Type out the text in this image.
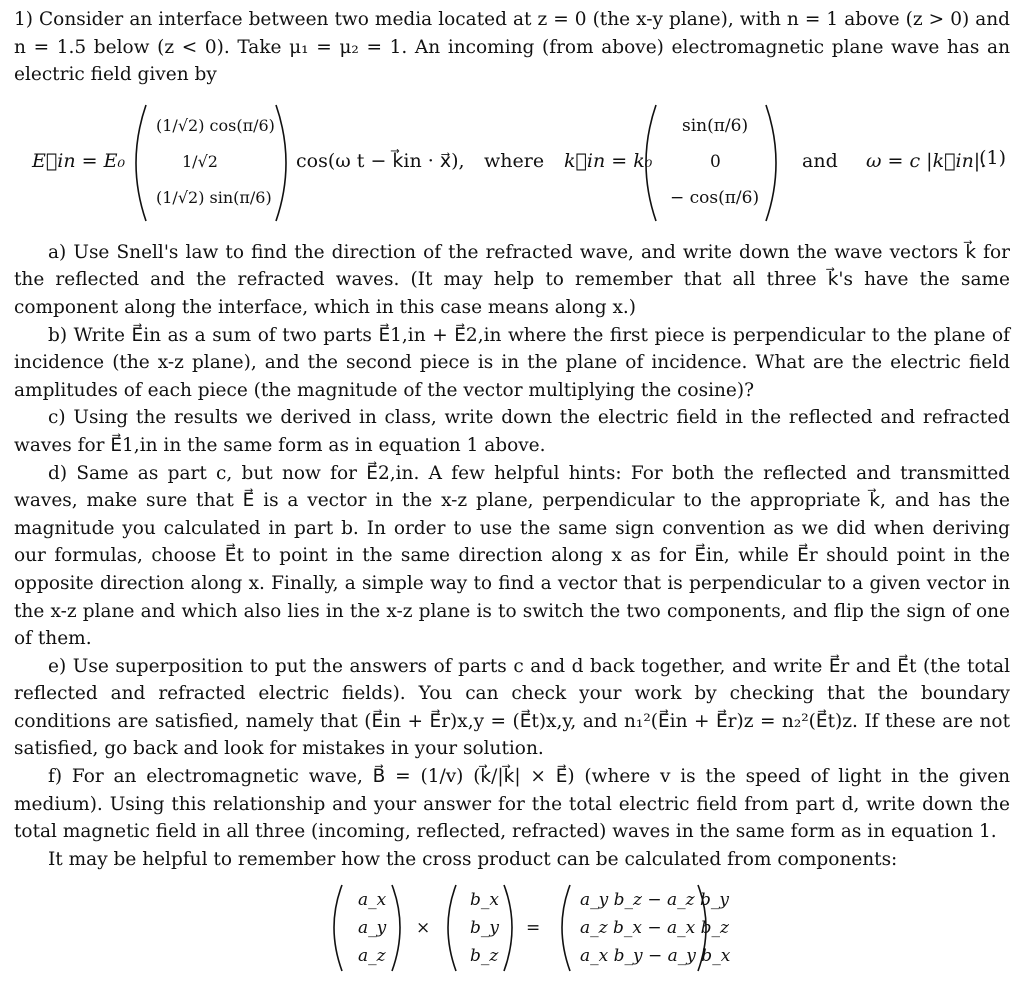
1) Consider an interface between two media located at z = 0 (the x-y plane), with n = 1 above (z > 0) and n = 1.5 below (z < 0). Take μ₁ = μ₂ = 1. An incoming (from above) electromagnetic plane wave has an electric field given by

E⃗in = E₀
(1/√2) cos(π/6)
1/√2
(1/√2) sin(π/6)
cos(ω t − k⃗in · x⃗), where k⃗in = k₀
sin(π/6)
0
− cos(π/6)
and ω = c |k⃗in|.
(1)

a) Use Snell's law to find the direction of the refracted wave, and write down the wave vectors k⃗ for the reflected and the refracted waves. (It may help to remember that all three k⃗'s have the same component along the interface, which in this case means along x.)

b) Write E⃗in as a sum of two parts E⃗1,in + E⃗2,in where the first piece is perpendicular to the plane of incidence (the x-z plane), and the second piece is in the plane of incidence. What are the electric field amplitudes of each piece (the magnitude of the vector multiplying the cosine)?

c) Using the results we derived in class, write down the electric field in the reflected and refracted waves for E⃗1,in in the same form as in equation 1 above.

d) Same as part c, but now for E⃗2,in. A few helpful hints: For both the reflected and transmitted waves, make sure that E⃗ is a vector in the x-z plane, perpendicular to the appropriate k⃗, and has the magnitude you calculated in part b. In order to use the same sign convention as we did when deriving our formulas, choose E⃗t to point in the same direction along x as for E⃗in, while E⃗r should point in the opposite direction along x. Finally, a simple way to find a vector that is perpendicular to a given vector in the x-z plane and which also lies in the x-z plane is to switch the two components, and flip the sign of one of them.

e) Use superposition to put the answers of parts c and d back together, and write E⃗r and E⃗t (the total reflected and refracted electric fields). You can check your work by checking that the boundary conditions are satisfied, namely that (E⃗in + E⃗r)x,y = (E⃗t)x,y, and n₁²(E⃗in + E⃗r)z = n₂²(E⃗t)z. If these are not satisfied, go back and look for mistakes in your solution.

f) For an electromagnetic wave, B⃗ = (1/v) (k⃗/|k⃗| × E⃗) (where v is the speed of light in the given medium). Using this relationship and your answer for the total electric field from part d, write down the total magnetic field in all three (incoming, reflected, refracted) waves in the same form as in equation 1.

It may be helpful to remember how the cross product can be calculated from components:

a_x
a_y
a_z
×
b_x
b_y
b_z
=
a_y b_z − a_z b_y
a_z b_x − a_x b_z
a_x b_y − a_y b_x
